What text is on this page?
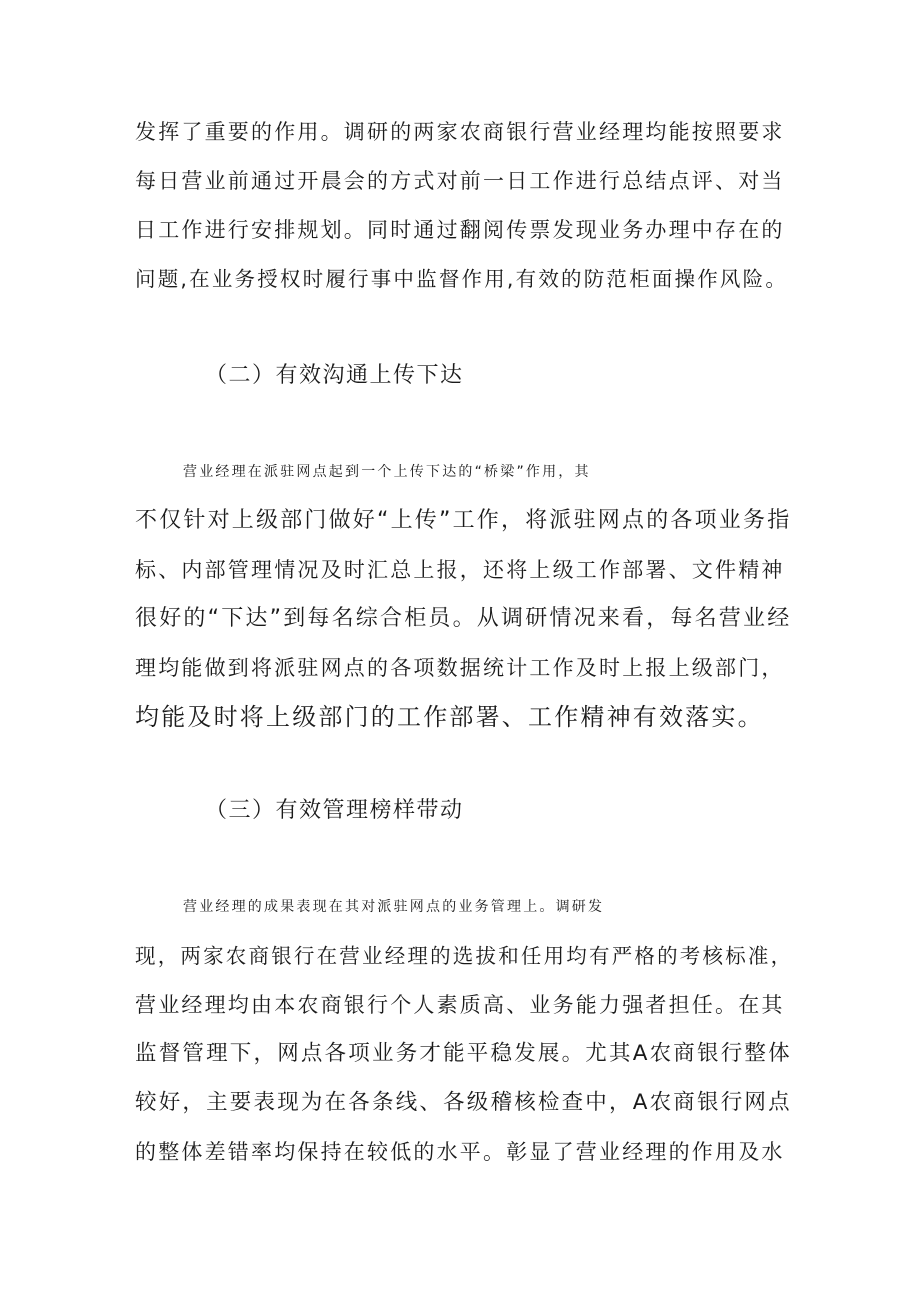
发挥了重要的作用。调研的两家农商银行营业经理均能按照要求
每日营业前通过开晨会的方式对前一日工作进行总结点评、对当
日工作进行安排规划。同时通过翻阅传票发现业务办理中存在的
问题,在业务授权时履行事中监督作用,有效的防范柜面操作风险。
（二）有效沟通上传下达
营业经理在派驻网点起到一个上传下达的“桥梁”作用，其
不仅针对上级部门做好“上传”工作，将派驻网点的各项业务指
标、内部管理情况及时汇总上报，还将上级工作部署、文件精神
很好的“下达”到每名综合柜员。从调研情况来看，每名营业经
理均能做到将派驻网点的各项数据统计工作及时上报上级部门，
均能及时将上级部门的工作部署、工作精神有效落实。
（三）有效管理榜样带动
营业经理的成果表现在其对派驻网点的业务管理上。调研发
现，两家农商银行在营业经理的选拔和任用均有严格的考核标准，
营业经理均由本农商银行个人素质高、业务能力强者担任。在其
监督管理下，网点各项业务才能平稳发展。尤其A农商银行整体
较好，主要表现为在各条线、各级稽核检查中，A农商银行网点
的整体差错率均保持在较低的水平。彰显了营业经理的作用及水
